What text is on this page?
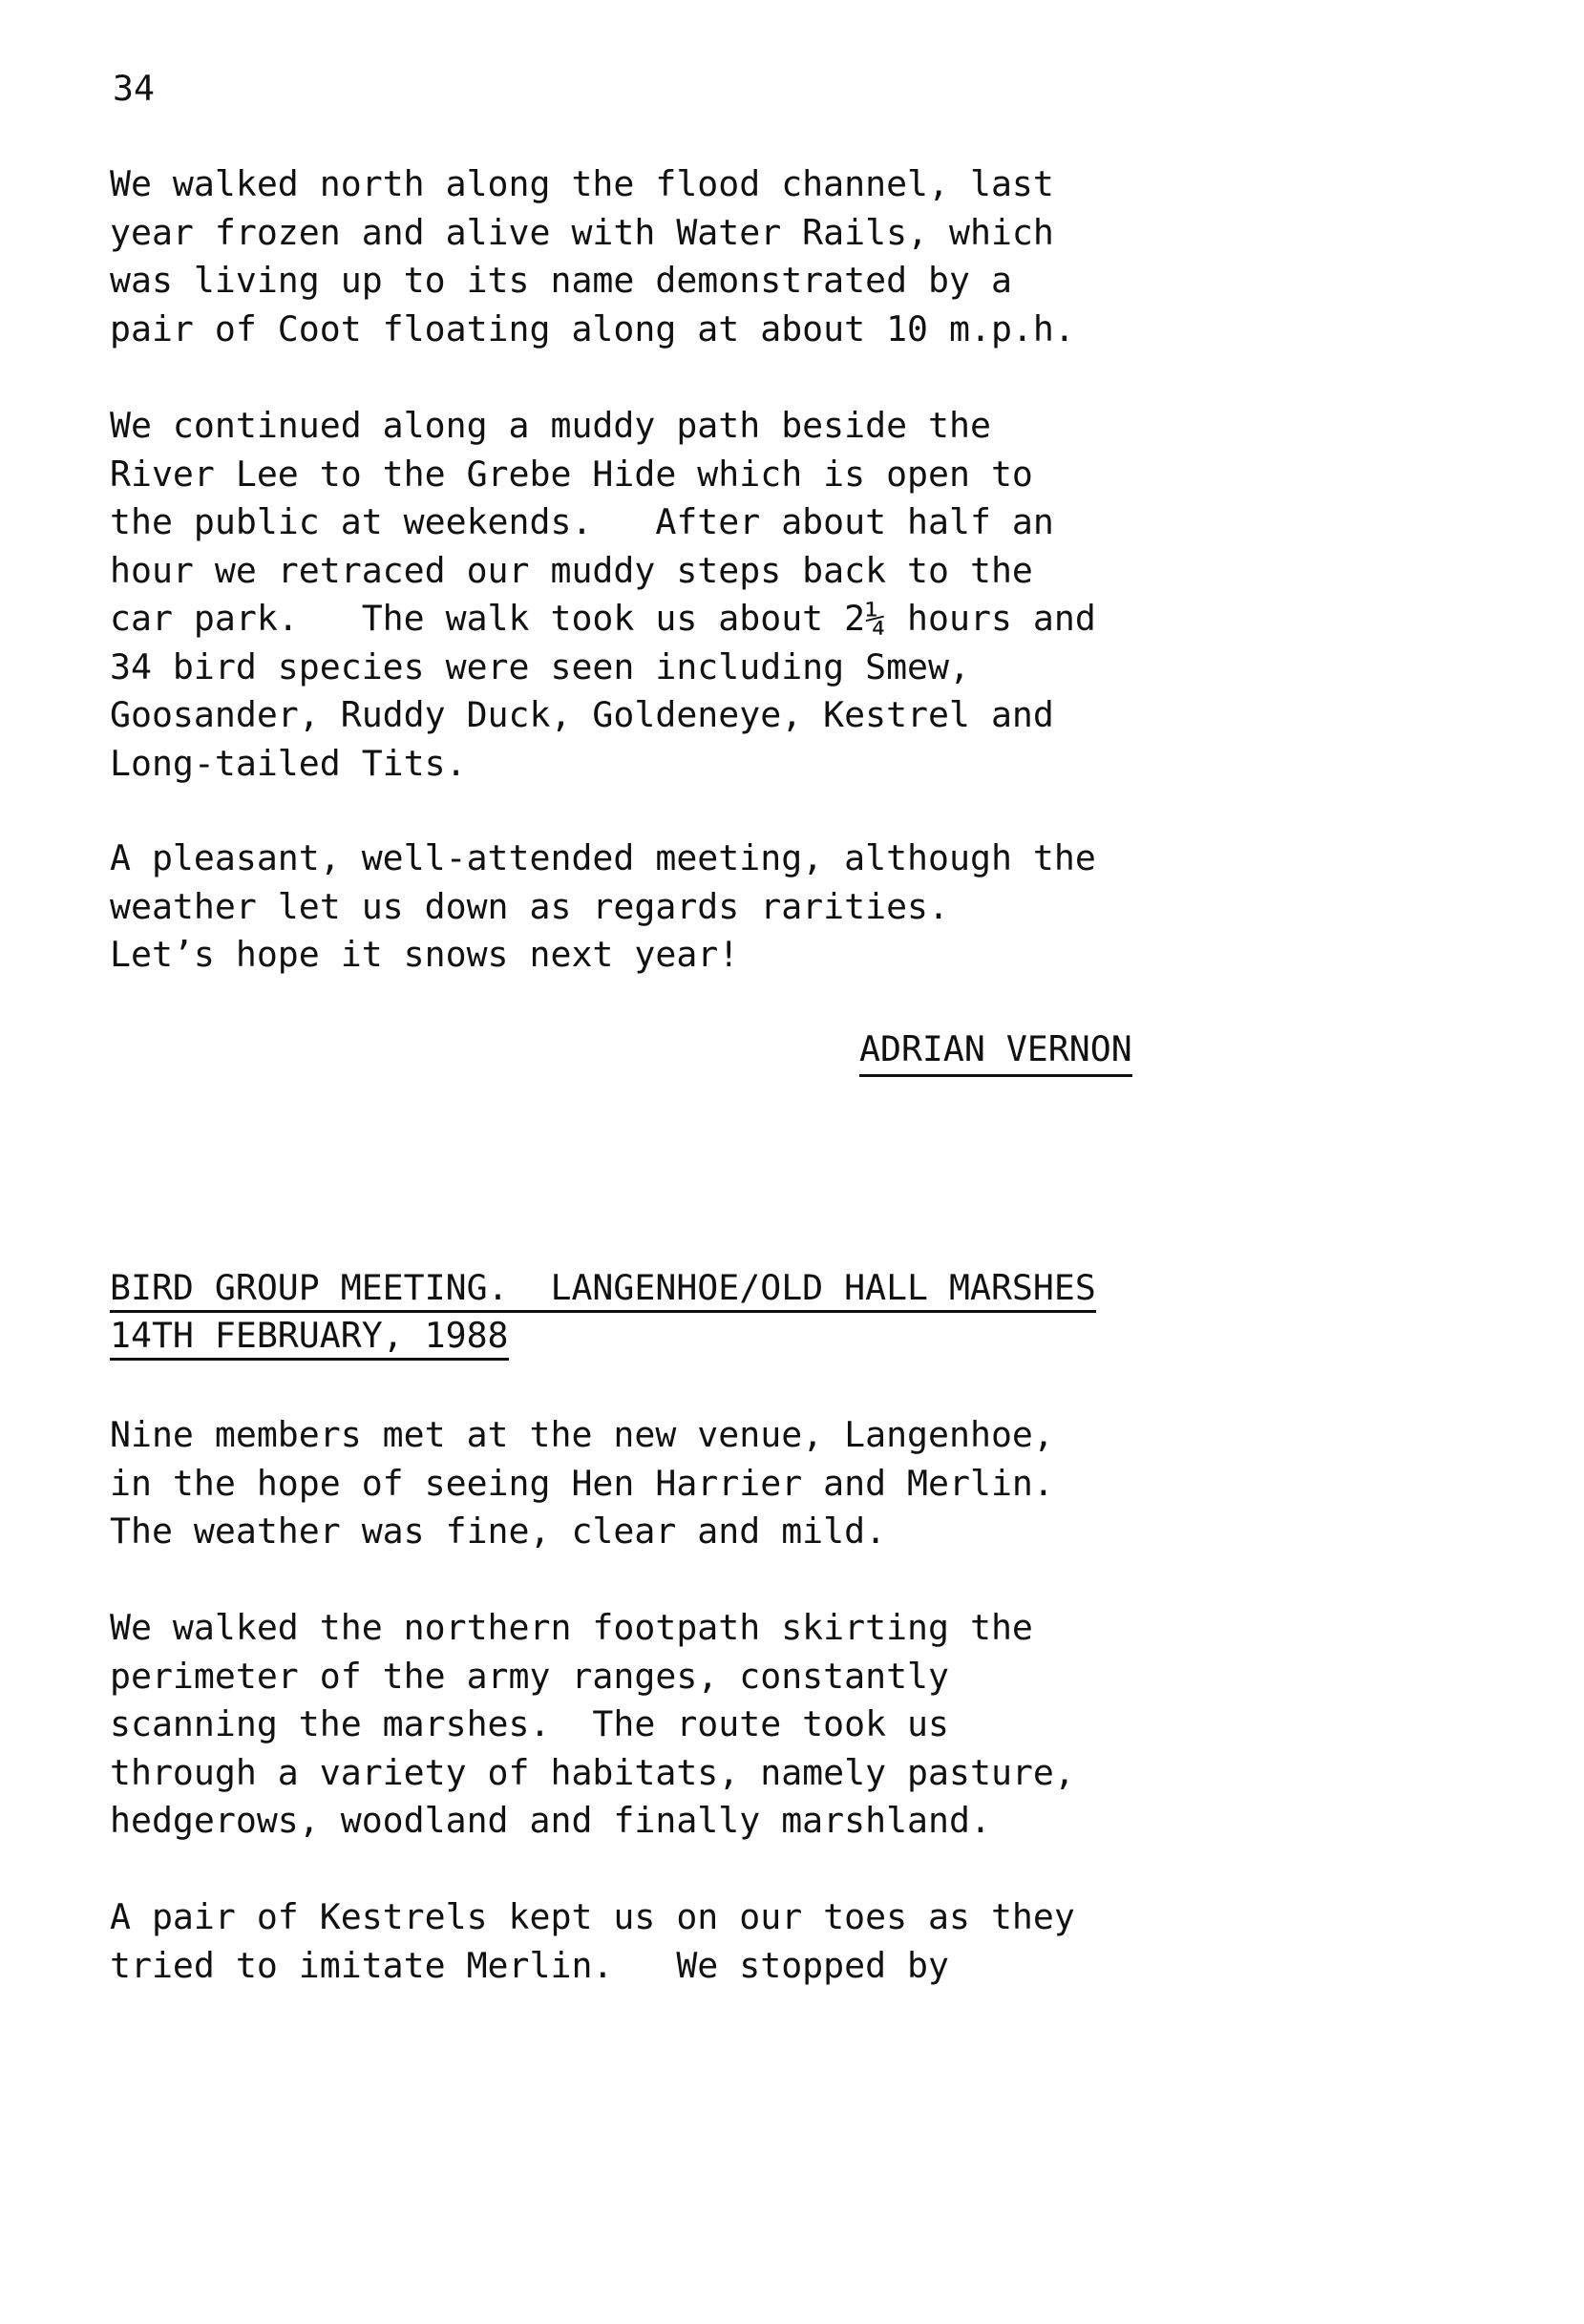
34

We walked north along the flood channel, last
year frozen and alive with Water Rails, which
was living up to its name demonstrated by a
pair of Coot floating along at about 10 m.p.h.
We continued along a muddy path beside the
River Lee to the Grebe Hide which is open to
the public at weekends.   After about half an
hour we retraced our muddy steps back to the
car park.   The walk took us about 2¼ hours and
34 bird species were seen including Smew,
Goosander, Ruddy Duck, Goldeneye, Kestrel and
Long-tailed Tits.
A pleasant, well-attended meeting, although the
weather let us down as regards rarities.
Let’s hope it snows next year!

ADRIAN VERNON

BIRD GROUP MEETING.  LANGENHOE/OLD HALL MARSHES

14TH FEBRUARY, 1988

Nine members met at the new venue, Langenhoe,
in the hope of seeing Hen Harrier and Merlin.
The weather was fine, clear and mild.
We walked the northern footpath skirting the
perimeter of the army ranges, constantly
scanning the marshes.  The route took us
through a variety of habitats, namely pasture,
hedgerows, woodland and finally marshland.
A pair of Kestrels kept us on our toes as they
tried to imitate Merlin.   We stopped by
